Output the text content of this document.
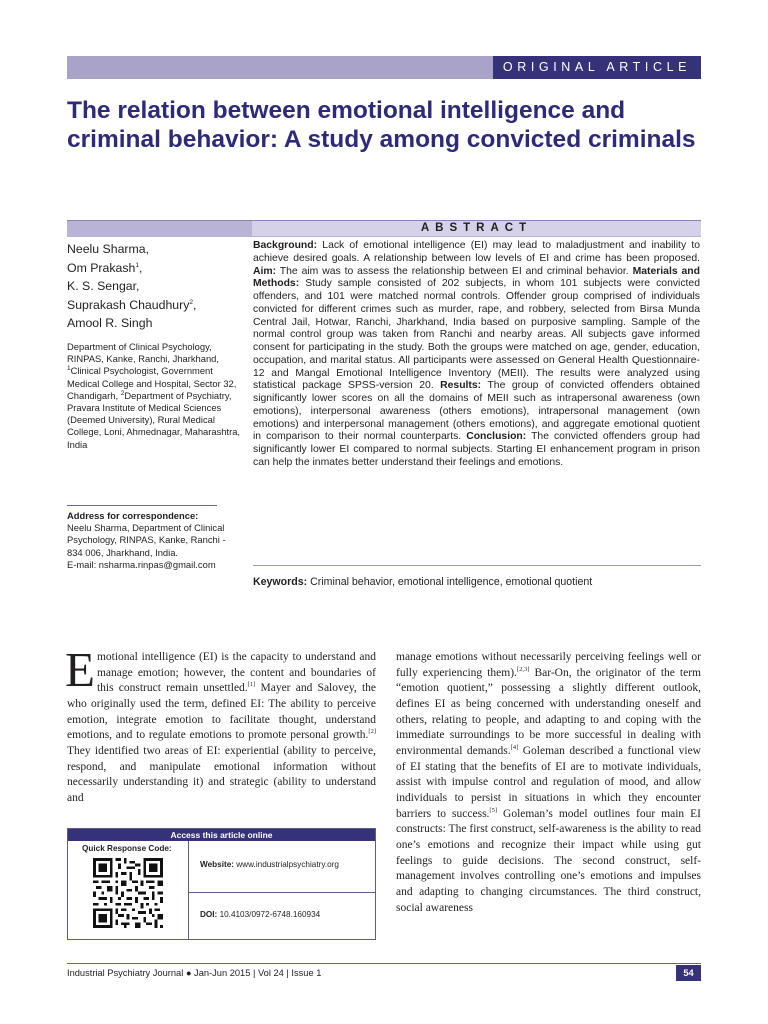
ORIGINAL ARTICLE
The relation between emotional intelligence and criminal behavior: A study among convicted criminals
ABSTRACT
Neelu Sharma,
Om Prakash$^1$,
K. S. Sengar,
Suprakash Chaudhury$^2$,
Amool R. Singh
Department of Clinical Psychology, RINPAS, Kanke, Ranchi, Jharkhand, $^1$Clinical Psychologist, Government Medical College and Hospital, Sector 32, Chandigarh, $^2$Department of Psychiatry, Pravara Institute of Medical Sciences (Deemed University), Rural Medical College, Loni, Ahmednagar, Maharashtra, India
Address for correspondence:
Neelu Sharma, Department of Clinical Psychology, RINPAS, Kanke, Ranchi - 834 006, Jharkhand, India.
E-mail: nsharma.rinpas@gmail.com
Background: Lack of emotional intelligence (EI) may lead to maladjustment and inability to achieve desired goals. A relationship between low levels of EI and crime has been proposed. Aim: The aim was to assess the relationship between EI and criminal behavior. Materials and Methods: Study sample consisted of 202 subjects, in whom 101 subjects were convicted offenders, and 101 were matched normal controls. Offender group comprised of individuals convicted for different crimes such as murder, rape, and robbery, selected from Birsa Munda Central Jail, Hotwar, Ranchi, Jharkhand, India based on purposive sampling. Sample of the normal control group was taken from Ranchi and nearby areas. All subjects gave informed consent for participating in the study. Both the groups were matched on age, gender, education, occupation, and marital status. All participants were assessed on General Health Questionnaire-12 and Mangal Emotional Intelligence Inventory (MEII). The results were analyzed using statistical package SPSS-version 20. Results: The group of convicted offenders obtained significantly lower scores on all the domains of MEII such as intrapersonal awareness (own emotions), interpersonal awareness (others emotions), intrapersonal management (own emotions) and interpersonal management (others emotions), and aggregate emotional quotient in comparison to their normal counterparts. Conclusion: The convicted offenders group had significantly lower EI compared to normal subjects. Starting EI enhancement program in prison can help the inmates better understand their feelings and emotions.
Keywords: Criminal behavior, emotional intelligence, emotional quotient
Emotional intelligence (EI) is the capacity to understand and manage emotion; however, the content and boundaries of this construct remain unsettled.[1] Mayer and Salovey, the who originally used the term, defined EI: The ability to perceive emotion, integrate emotion to facilitate thought, understand emotions, and to regulate emotions to promote personal growth.[2] They identified two areas of EI: experiential (ability to perceive, respond, and manipulate emotional information without necessarily understanding it) and strategic (ability to understand and
manage emotions without necessarily perceiving feelings well or fully experiencing them).[2,3] Bar-On, the originator of the term “emotion quotient,” possessing a slightly different outlook, defines EI as being concerned with understanding oneself and others, relating to people, and adapting to and coping with the immediate surroundings to be more successful in dealing with environmental demands.[4] Goleman described a functional view of EI stating that the benefits of EI are to motivate individuals, assist with impulse control and regulation of mood, and allow individuals to persist in situations in which they encounter barriers to success.[5] Goleman’s model outlines four main EI constructs: The first construct, self-awareness is the ability to read one’s emotions and recognize their impact while using gut feelings to guide decisions. The second construct, self-management involves controlling one’s emotions and impulses and adapting to changing circumstances. The third construct, social awareness
Access this article online
Quick Response Code:
Website: www.industrialpsychiatry.org
DOI: 10.4103/0972-6748.160934
Industrial Psychiatry Journal ● Jan-Jun 2015 | Vol 24 | Issue 1	54
